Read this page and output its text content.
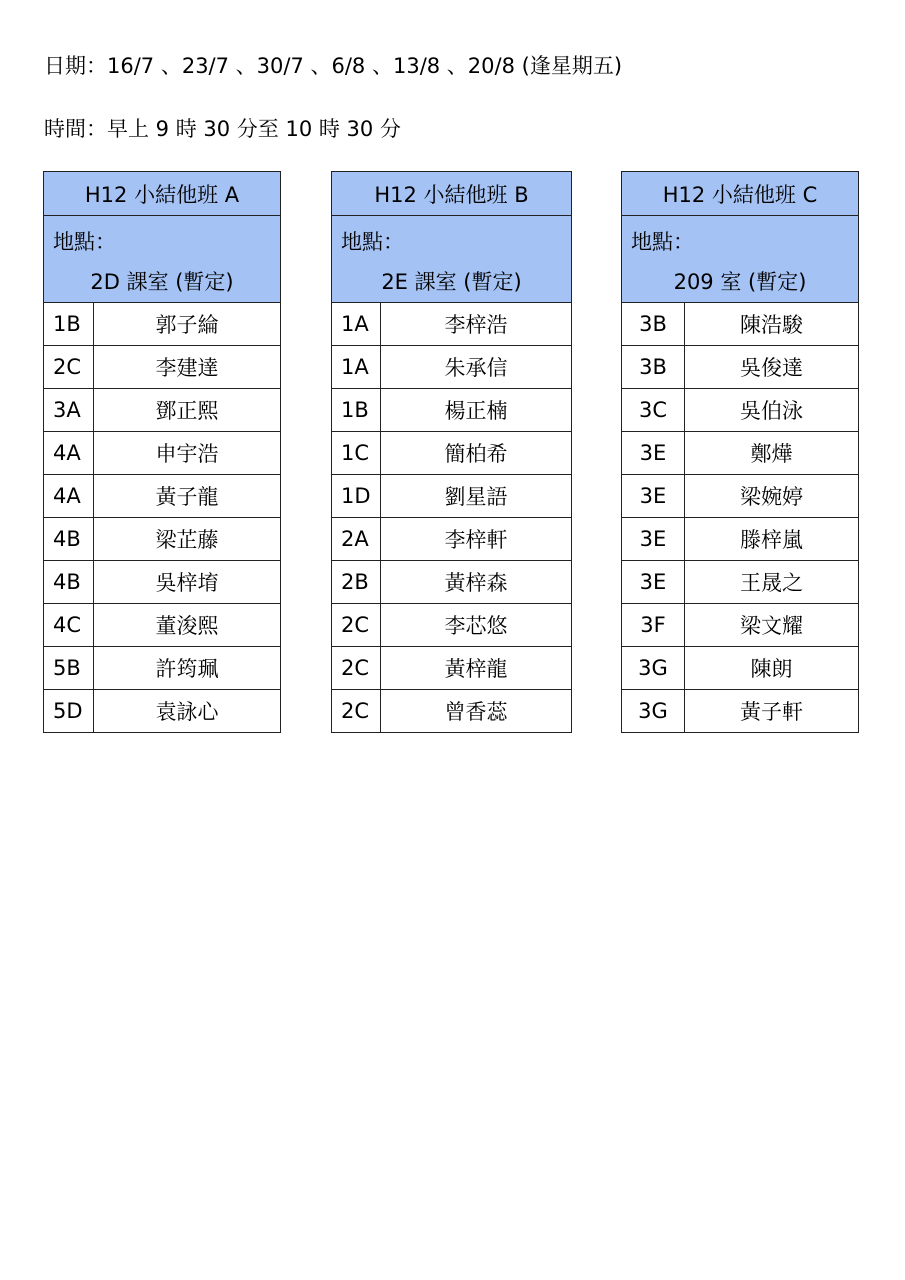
日期：16/7 、23/7 、30/7 、6/8 、13/8 、20/8 (逢星期五)
時間：早上 9 時 30 分至 10 時 30 分
H12 小結他班 A	

地點：
2D 課室 (暫定)	

1B	郭子綸
2C	李建達
3A	鄧正熙
4A	申宇浩
4A	黃子龍
4B	梁芷藤
4B	吳梓堉
4C	董浚熙
5B	許筠珮
5D	袁詠心
H12 小結他班 B	

地點：
2E 課室 (暫定)	

1A	李梓浩
1A	朱承信
1B	楊正楠
1C	簡柏希
1D	劉星語
2A	李梓軒
2B	黃梓森
2C	李芯悠
2C	黃梓龍
2C	曾香蕊
H12 小結他班 C	

地點：
209 室 (暫定)	

3B	陳浩駿
3B	吳俊達
3C	吳伯泳
3E	鄭燁
3E	梁婉婷
3E	滕梓嵐
3E	王晟之
3F	梁文耀
3G	陳朗
3G	黃子軒
